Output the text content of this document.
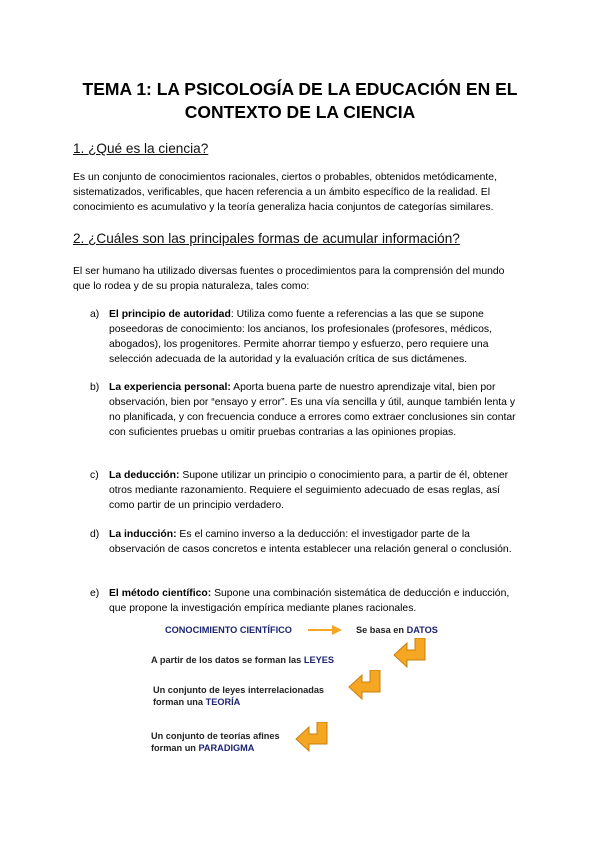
TEMA 1: LA PSICOLOGÍA DE LA EDUCACIÓN EN EL
CONTEXTO DE LA CIENCIA
1. ¿Qué es la ciencia?
Es un conjunto de conocimientos racionales, ciertos o probables, obtenidos metódicamente, sistematizados, verificables, que hacen referencia a un ámbito específico de la realidad. El conocimiento es acumulativo y la teoría generaliza hacia conjuntos de categorías similares.
2. ¿Cuáles son las principales formas de acumular información?
El ser humano ha utilizado diversas fuentes o procedimientos para la comprensión del mundo que lo rodea y de su propia naturaleza, tales como:
a) El principio de autoridad: Utiliza como fuente a referencias a las que se supone poseedoras de conocimiento: los ancianos, los profesionales (profesores, médicos, abogados), los progenitores. Permite ahorrar tiempo y esfuerzo, pero requiere una selección adecuada de la autoridad y la evaluación crítica de sus dictámenes.
b) La experiencia personal: Aporta buena parte de nuestro aprendizaje vital, bien por observación, bien por “ensayo y error”. Es una vía sencilla y útil, aunque también lenta y no planificada, y con frecuencia conduce a errores como extraer conclusiones sin contar con suficientes pruebas u omitir pruebas contrarias a las opiniones propias.
c) La deducción: Supone utilizar un principio o conocimiento para, a partir de él, obtener otros mediante razonamiento. Requiere el seguimiento adecuado de esas reglas, así como partir de un principio verdadero.
d) La inducción: Es el camino inverso a la deducción: el investigador parte de la observación de casos concretos e intenta establecer una relación general o conclusión.
e) El método científico: Supone una combinación sistemática de deducción e inducción, que propone la investigación empírica mediante planes racionales.
CONOCIMIENTO CIENTÍFICO	Se basa en DATOS
A partir de los datos se forman las LEYES
Un conjunto de leyes interrelacionadas
forman una TEORÍA
Un conjunto de teorías afines
forman un PARADIGMA
